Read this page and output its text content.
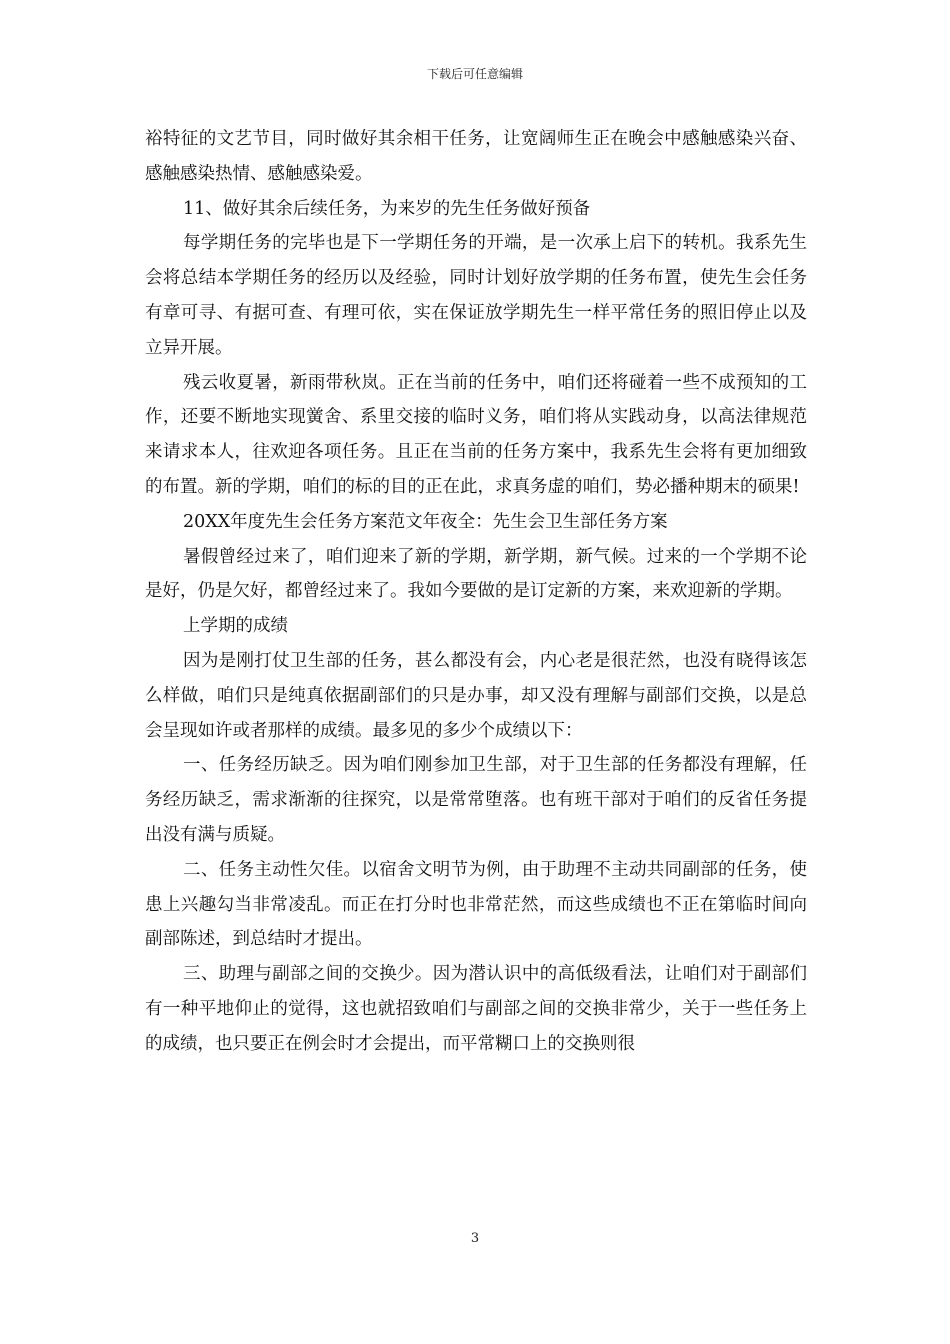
下载后可任意编辑

裕特征的文艺节目，同时做好其余相干任务，让宽阔师生正在晚会中感触感染兴奋、感触感染热情、感触感染爱。

11、做好其余后续任务，为来岁的先生任务做好预备

每学期任务的完毕也是下一学期任务的开端，是一次承上启下的转机。我系先生会将总结本学期任务的经历以及经验，同时计划好放学期的任务布置，使先生会任务有章可寻、有据可查、有理可依，实在保证放学期先生一样平常任务的照旧停止以及立异开展。

残云收夏暑，新雨带秋岚。正在当前的任务中，咱们还将碰着一些不成预知的工作，还要不断地实现黉舍、系里交接的临时义务，咱们将从实践动身，以高法律规范来请求本人，往欢迎各项任务。且正在当前的任务方案中，我系先生会将有更加细致的布置。新的学期，咱们的标的目的正在此，求真务虚的咱们，势必播种期末的硕果!

20XX年度先生会任务方案范文年夜全：先生会卫生部任务方案

暑假曾经过来了，咱们迎来了新的学期，新学期，新气候。过来的一个学期不论是好，仍是欠好，都曾经过来了。我如今要做的是订定新的方案，来欢迎新的学期。

上学期的成绩

因为是刚打仗卫生部的任务，甚么都没有会，内心老是很茫然，也没有晓得该怎么样做，咱们只是纯真依据副部们的只是办事，却又没有理解与副部们交换，以是总会呈现如许或者那样的成绩。最多见的多少个成绩以下：

一、任务经历缺乏。因为咱们刚参加卫生部，对于卫生部的任务都没有理解，任务经历缺乏，需求渐渐的往探究，以是常常堕落。也有班干部对于咱们的反省任务提出没有满与质疑。

二、任务主动性欠佳。以宿舍文明节为例，由于助理不主动共同副部的任务，使患上兴趣勾当非常凌乱。而正在打分时也非常茫然，而这些成绩也不正在第临时间向副部陈述，到总结时才提出。

三、助理与副部之间的交换少。因为潜认识中的高低级看法，让咱们对于副部们有一种平地仰止的觉得，这也就招致咱们与副部之间的交换非常少，关于一些任务上的成绩，也只要正在例会时才会提出，而平常糊口上的交换则很

3
